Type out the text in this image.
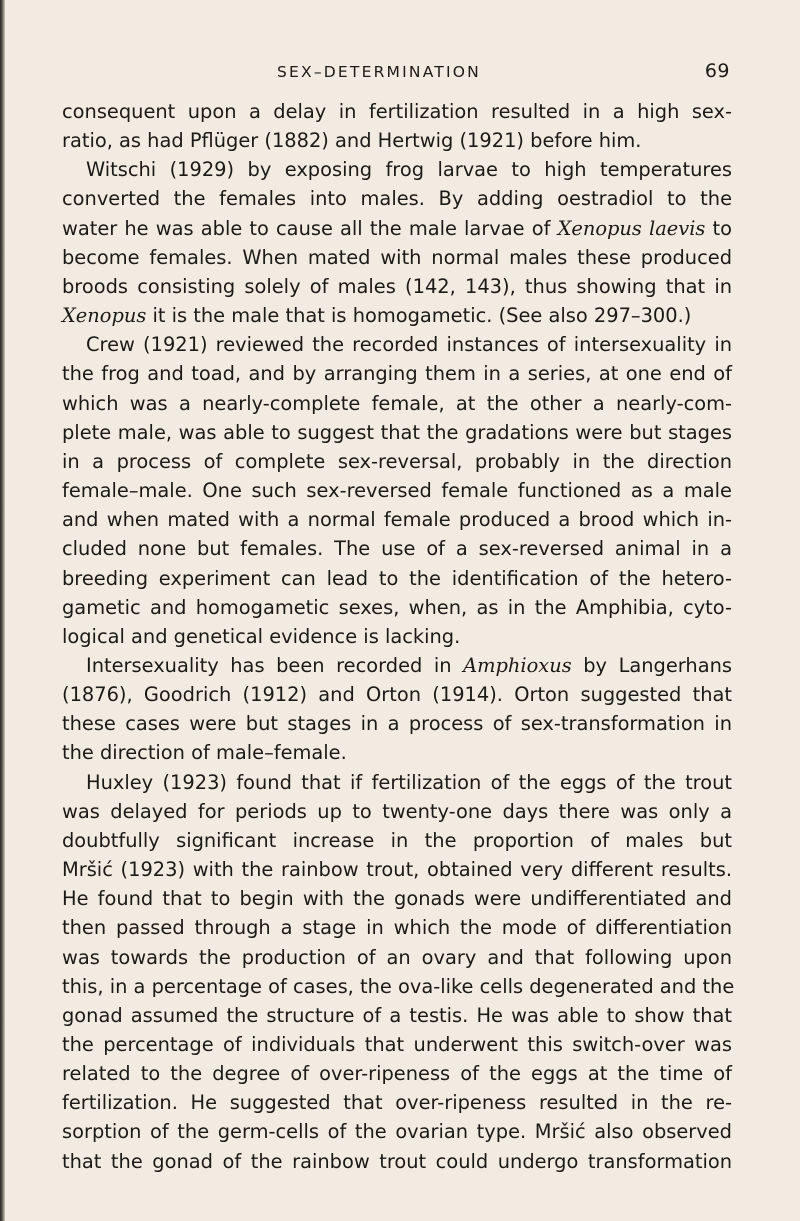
SEX–DETERMINATION	69

consequent upon a delay in fertilization resulted in a high sex-
ratio, as had Pflüger (1882) and Hertwig (1921) before him.

Witschi (1929) by exposing frog larvae to high temperatures
converted the females into males. By adding oestradiol to the
water he was able to cause all the male larvae of Xenopus laevis to
become females. When mated with normal males these produced
broods consisting solely of males (142, 143), thus showing that in
Xenopus it is the male that is homogametic. (See also 297–300.)

Crew (1921) reviewed the recorded instances of intersexuality in
the frog and toad, and by arranging them in a series, at one end of
which was a nearly-complete female, at the other a nearly-com-
plete male, was able to suggest that the gradations were but stages
in a process of complete sex-reversal, probably in the direction
female–male. One such sex-reversed female functioned as a male
and when mated with a normal female produced a brood which in-
cluded none but females. The use of a sex-reversed animal in a
breeding experiment can lead to the identification of the hetero-
gametic and homogametic sexes, when, as in the Amphibia, cyto-
logical and genetical evidence is lacking.

Intersexuality has been recorded in Amphioxus by Langerhans
(1876), Goodrich (1912) and Orton (1914). Orton suggested that
these cases were but stages in a process of sex-transformation in
the direction of male–female.

Huxley (1923) found that if fertilization of the eggs of the trout
was delayed for periods up to twenty-one days there was only a
doubtfully significant increase in the proportion of males but
Mršić (1923) with the rainbow trout, obtained very different results.
He found that to begin with the gonads were undifferentiated and
then passed through a stage in which the mode of differentiation
was towards the production of an ovary and that following upon
this, in a percentage of cases, the ova-like cells degenerated and the
gonad assumed the structure of a testis. He was able to show that
the percentage of individuals that underwent this switch-over was
related to the degree of over-ripeness of the eggs at the time of
fertilization. He suggested that over-ripeness resulted in the re-
sorption of the germ-cells of the ovarian type. Mršić also observed
that the gonad of the rainbow trout could undergo transformation
